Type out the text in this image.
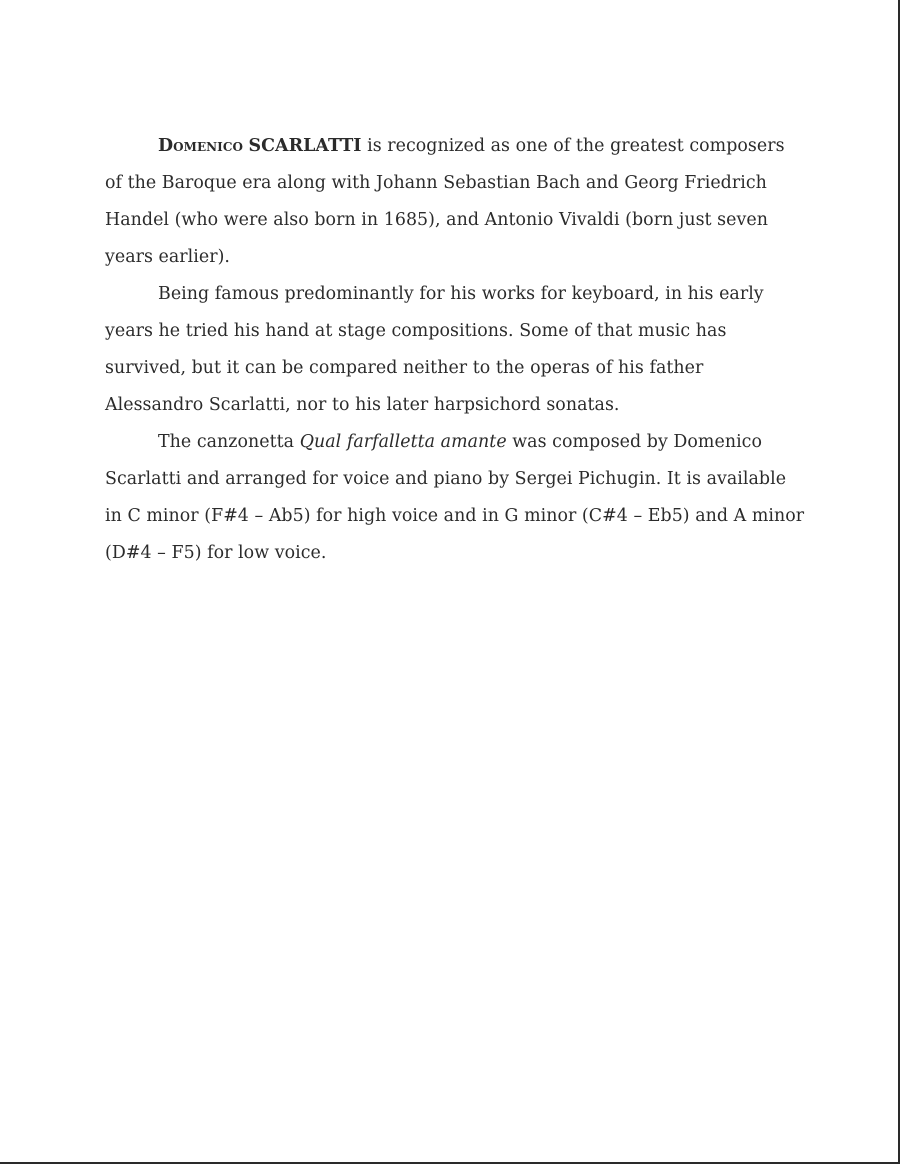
Domenico SCARLATTI is recognized as one of the greatest composers of the Baroque era along with Johann Sebastian Bach and Georg Friedrich Handel (who were also born in 1685), and Antonio Vivaldi (born just seven years earlier).

Being famous predominantly for his works for keyboard, in his early years he tried his hand at stage compositions. Some of that music has survived, but it can be compared neither to the operas of his father Alessandro Scarlatti, nor to his later harpsichord sonatas.

The canzonetta Qual farfalletta amante was composed by Domenico Scarlatti and arranged for voice and piano by Sergei Pichugin. It is available in C minor (F#4 – Ab5) for high voice and in G minor (C#4 – Eb5) and A minor (D#4 – F5) for low voice.
